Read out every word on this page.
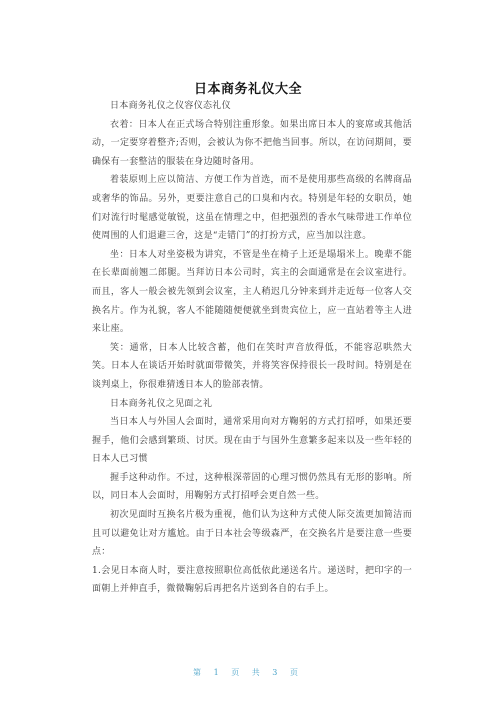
日本商务礼仪大全

日本商务礼仪之仪容仪态礼仪

衣着：日本人在正式场合特别注重形象。如果出席日本人的宴席或其他活动，一定要穿着整齐;否则，会被认为你不把他当回事。所以，在访问期间，要确保有一套整洁的服装在身边随时备用。

着装原则上应以简洁、方便工作为首选，而不是使用那些高级的名牌商品或奢华的饰品。另外，更要注意自己的口臭和内衣。特别是年轻的女职员，她们对流行时髦感觉敏锐，这虽在情理之中，但把强烈的香水气味带进工作单位使周围的人们退避三舍，这是“走错门”的打扮方式，应当加以注意。

坐：日本人对坐姿极为讲究，不管是坐在椅子上还是塌塌米上。晚辈不能在长辈面前翘二郎腿。当拜访日本公司时，宾主的会面通常是在会议室进行。而且，客人一般会被先领到会议室，主人稍迟几分钟来到并走近每一位客人交换名片。作为礼貌，客人不能随随便便就坐到贵宾位上，应一直站着等主人进来让座。

笑：通常，日本人比较含蓄，他们在笑时声音放得低，不能容忍哄然大笑。日本人在谈话开始时就面带微笑，并将笑容保持很长一段时间。特别是在谈判桌上，你很难猜透日本人的脸部表情。

日本商务礼仪之见面之礼

当日本人与外国人会面时，通常采用向对方鞠躬的方式打招呼，如果还要握手，他们会感到繁琐、讨厌。现在由于与国外生意繁多起来以及一些年轻的日本人已习惯

握手这种动作。不过，这种根深蒂固的心理习惯仍然具有无形的影响。所以，同日本人会面时，用鞠躬方式打招呼会更自然一些。

初次见面时互换名片极为重视，他们认为这种方式使人际交流更加简洁而且可以避免让对方尴尬。由于日本社会等级森严，在交换名片是要注意一些要点：

1.会见日本商人时，要注意按照职位高低依此递送名片。递送时，把印字的一面朝上并伸直手，微微鞠躬后再把名片送到各自的右手上。

第 1 页 共 3 页
